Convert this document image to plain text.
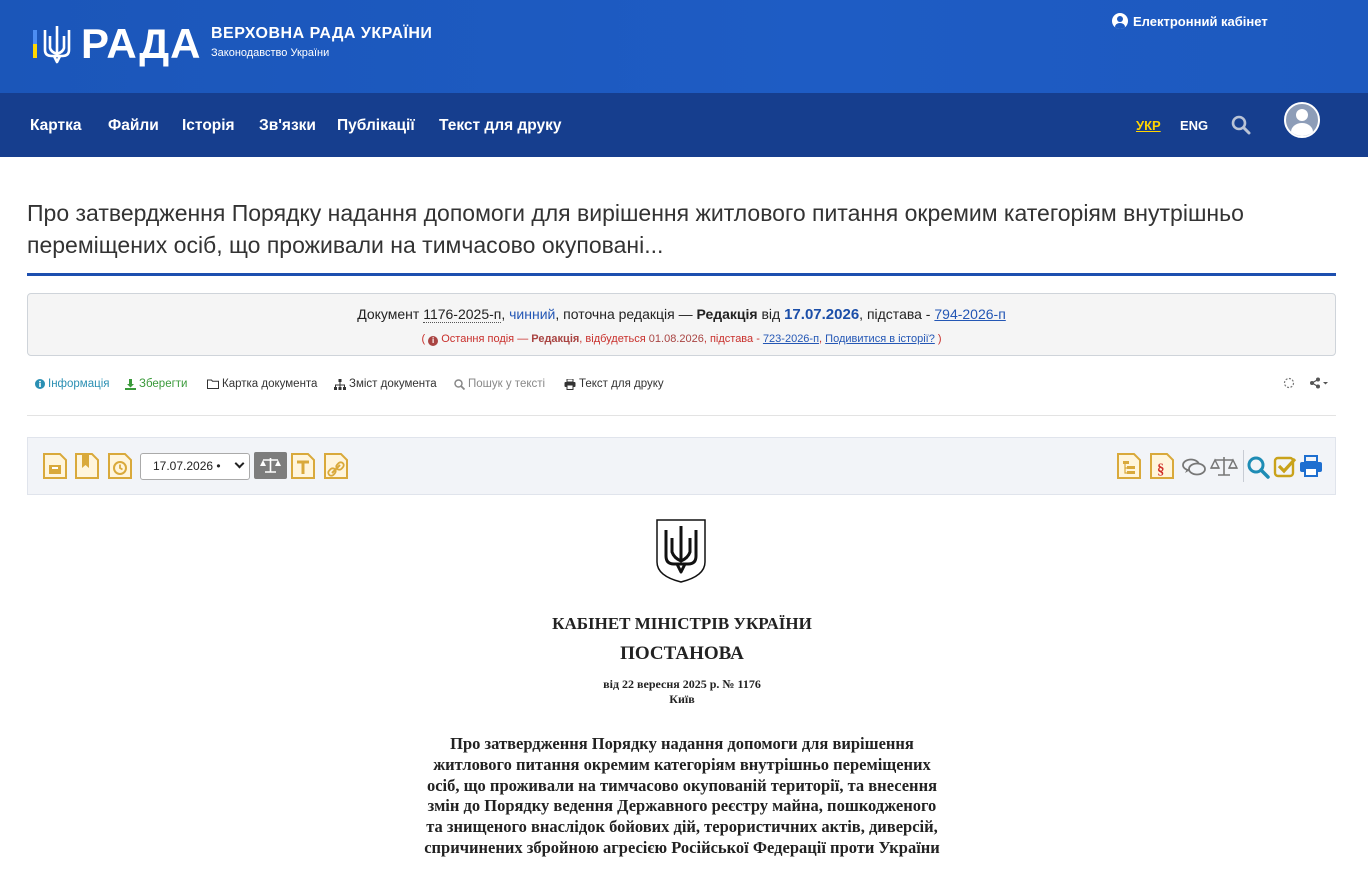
РАДА ВЕРХОВНА РАДА УКРАЇНИ
Законодавство України
Електронний кабінет
Картка Файли Історія Зв'язки Публікації Текст для друку	УКР ENG
Про затвердження Порядку надання допомоги для вирішення житлового питання окремим категоріям внутрішньо переміщених осіб, що проживали на тимчасово окуповані...
Документ 1176-2025-п, чинний, поточна редакція — Редакція від 17.07.2026, підстава - 794-2026-п
( i Остання подія — Редакція, відбудеться 01.08.2026, підстава - 723-2026-п, Подивитися в історії? )
Інформація	Зберегти	Картка документа	Зміст документа	Пошук у тексті	Текст для друку
17.07.2026 •	§
КАБІНЕТ МІНІСТРІВ УКРАЇНИ
ПОСТАНОВА
від 22 вересня 2025 р. № 1176
Київ
Про затвердження Порядку надання допомоги для вирішення житлового питання окремим категоріям внутрішньо переміщених осіб, що проживали на тимчасово окупованій території, та внесення змін до Порядку ведення Державного реєстру майна, пошкодженого та знищеного внаслідок бойових дій, терористичних актів, диверсій, спричинених збройною агресією Російської Федерації проти України
